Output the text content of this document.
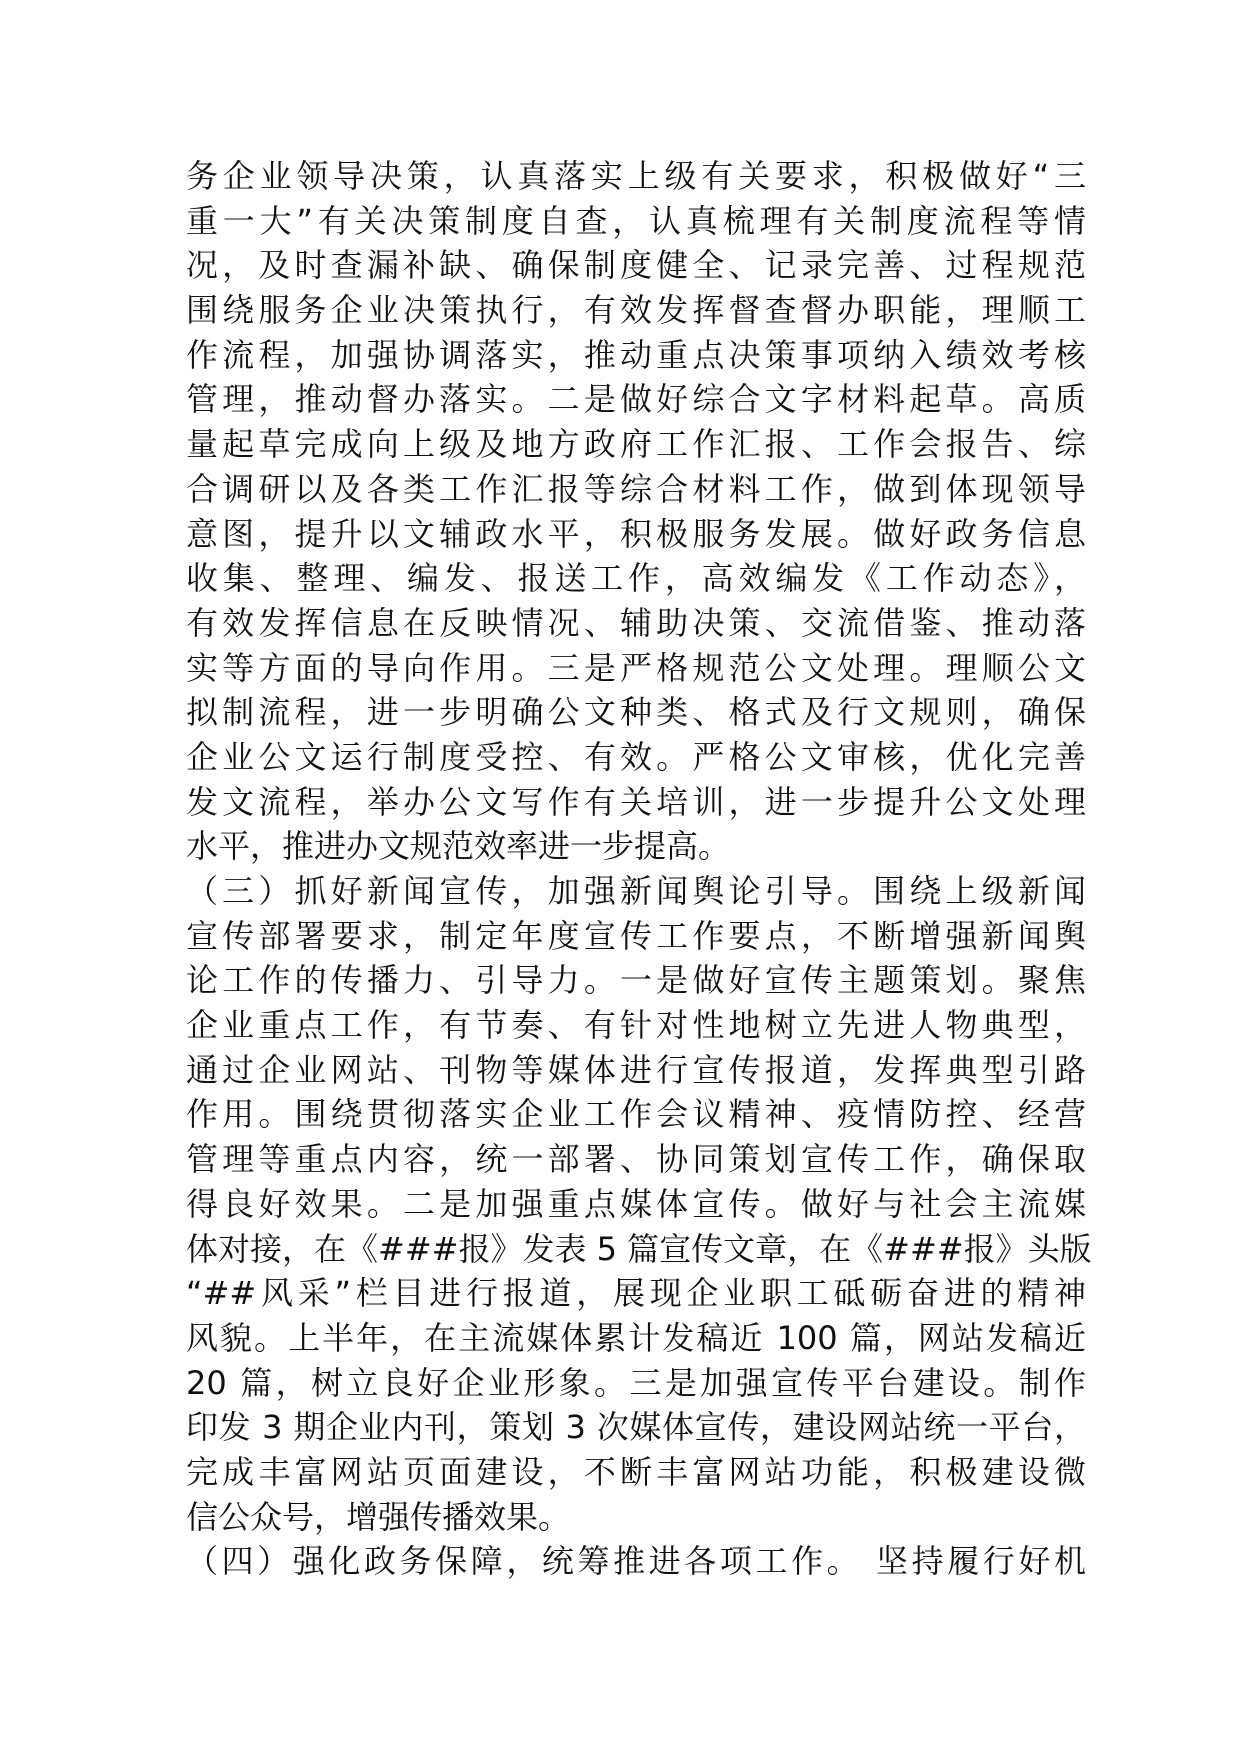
务企业领导决策，认真落实上级有关要求，积极做好“三
重一大”有关决策制度自查，认真梳理有关制度流程等情
况，及时查漏补缺、确保制度健全、记录完善、过程规范
围绕服务企业决策执行，有效发挥督查督办职能，理顺工
作流程，加强协调落实，推动重点决策事项纳入绩效考核
管理，推动督办落实。二是做好综合文字材料起草。高质
量起草完成向上级及地方政府工作汇报、工作会报告、综
合调研以及各类工作汇报等综合材料工作，做到体现领导
意图，提升以文辅政水平，积极服务发展。做好政务信息
收集、整理、编发、报送工作，高效编发《工作动态》，
有效发挥信息在反映情况、辅助决策、交流借鉴、推动落
实等方面的导向作用。三是严格规范公文处理。理顺公文
拟制流程，进一步明确公文种类、格式及行文规则，确保
企业公文运行制度受控、有效。严格公文审核，优化完善
发文流程，举办公文写作有关培训，进一步提升公文处理
水平，推进办文规范效率进一步提高。
（三）抓好新闻宣传，加强新闻舆论引导。围绕上级新闻
宣传部署要求，制定年度宣传工作要点，不断增强新闻舆
论工作的传播力、引导力。一是做好宣传主题策划。聚焦
企业重点工作，有节奏、有针对性地树立先进人物典型，
通过企业网站、刊物等媒体进行宣传报道，发挥典型引路
作用。围绕贯彻落实企业工作会议精神、疫情防控、经营
管理等重点内容，统一部署、协同策划宣传工作，确保取
得良好效果。二是加强重点媒体宣传。做好与社会主流媒
体对接，在《###报》发表 5 篇宣传文章，在《###报》头版
“##风采”栏目进行报道，展现企业职工砥砺奋进的精神
风貌。上半年，在主流媒体累计发稿近 100 篇，网站发稿近
20 篇，树立良好企业形象。三是加强宣传平台建设。制作
印发 3 期企业内刊，策划 3 次媒体宣传，建设网站统一平台，
完成丰富网站页面建设，不断丰富网站功能，积极建设微
信公众号，增强传播效果。
（四）强化政务保障，统筹推进各项工作。 坚持履行好机
